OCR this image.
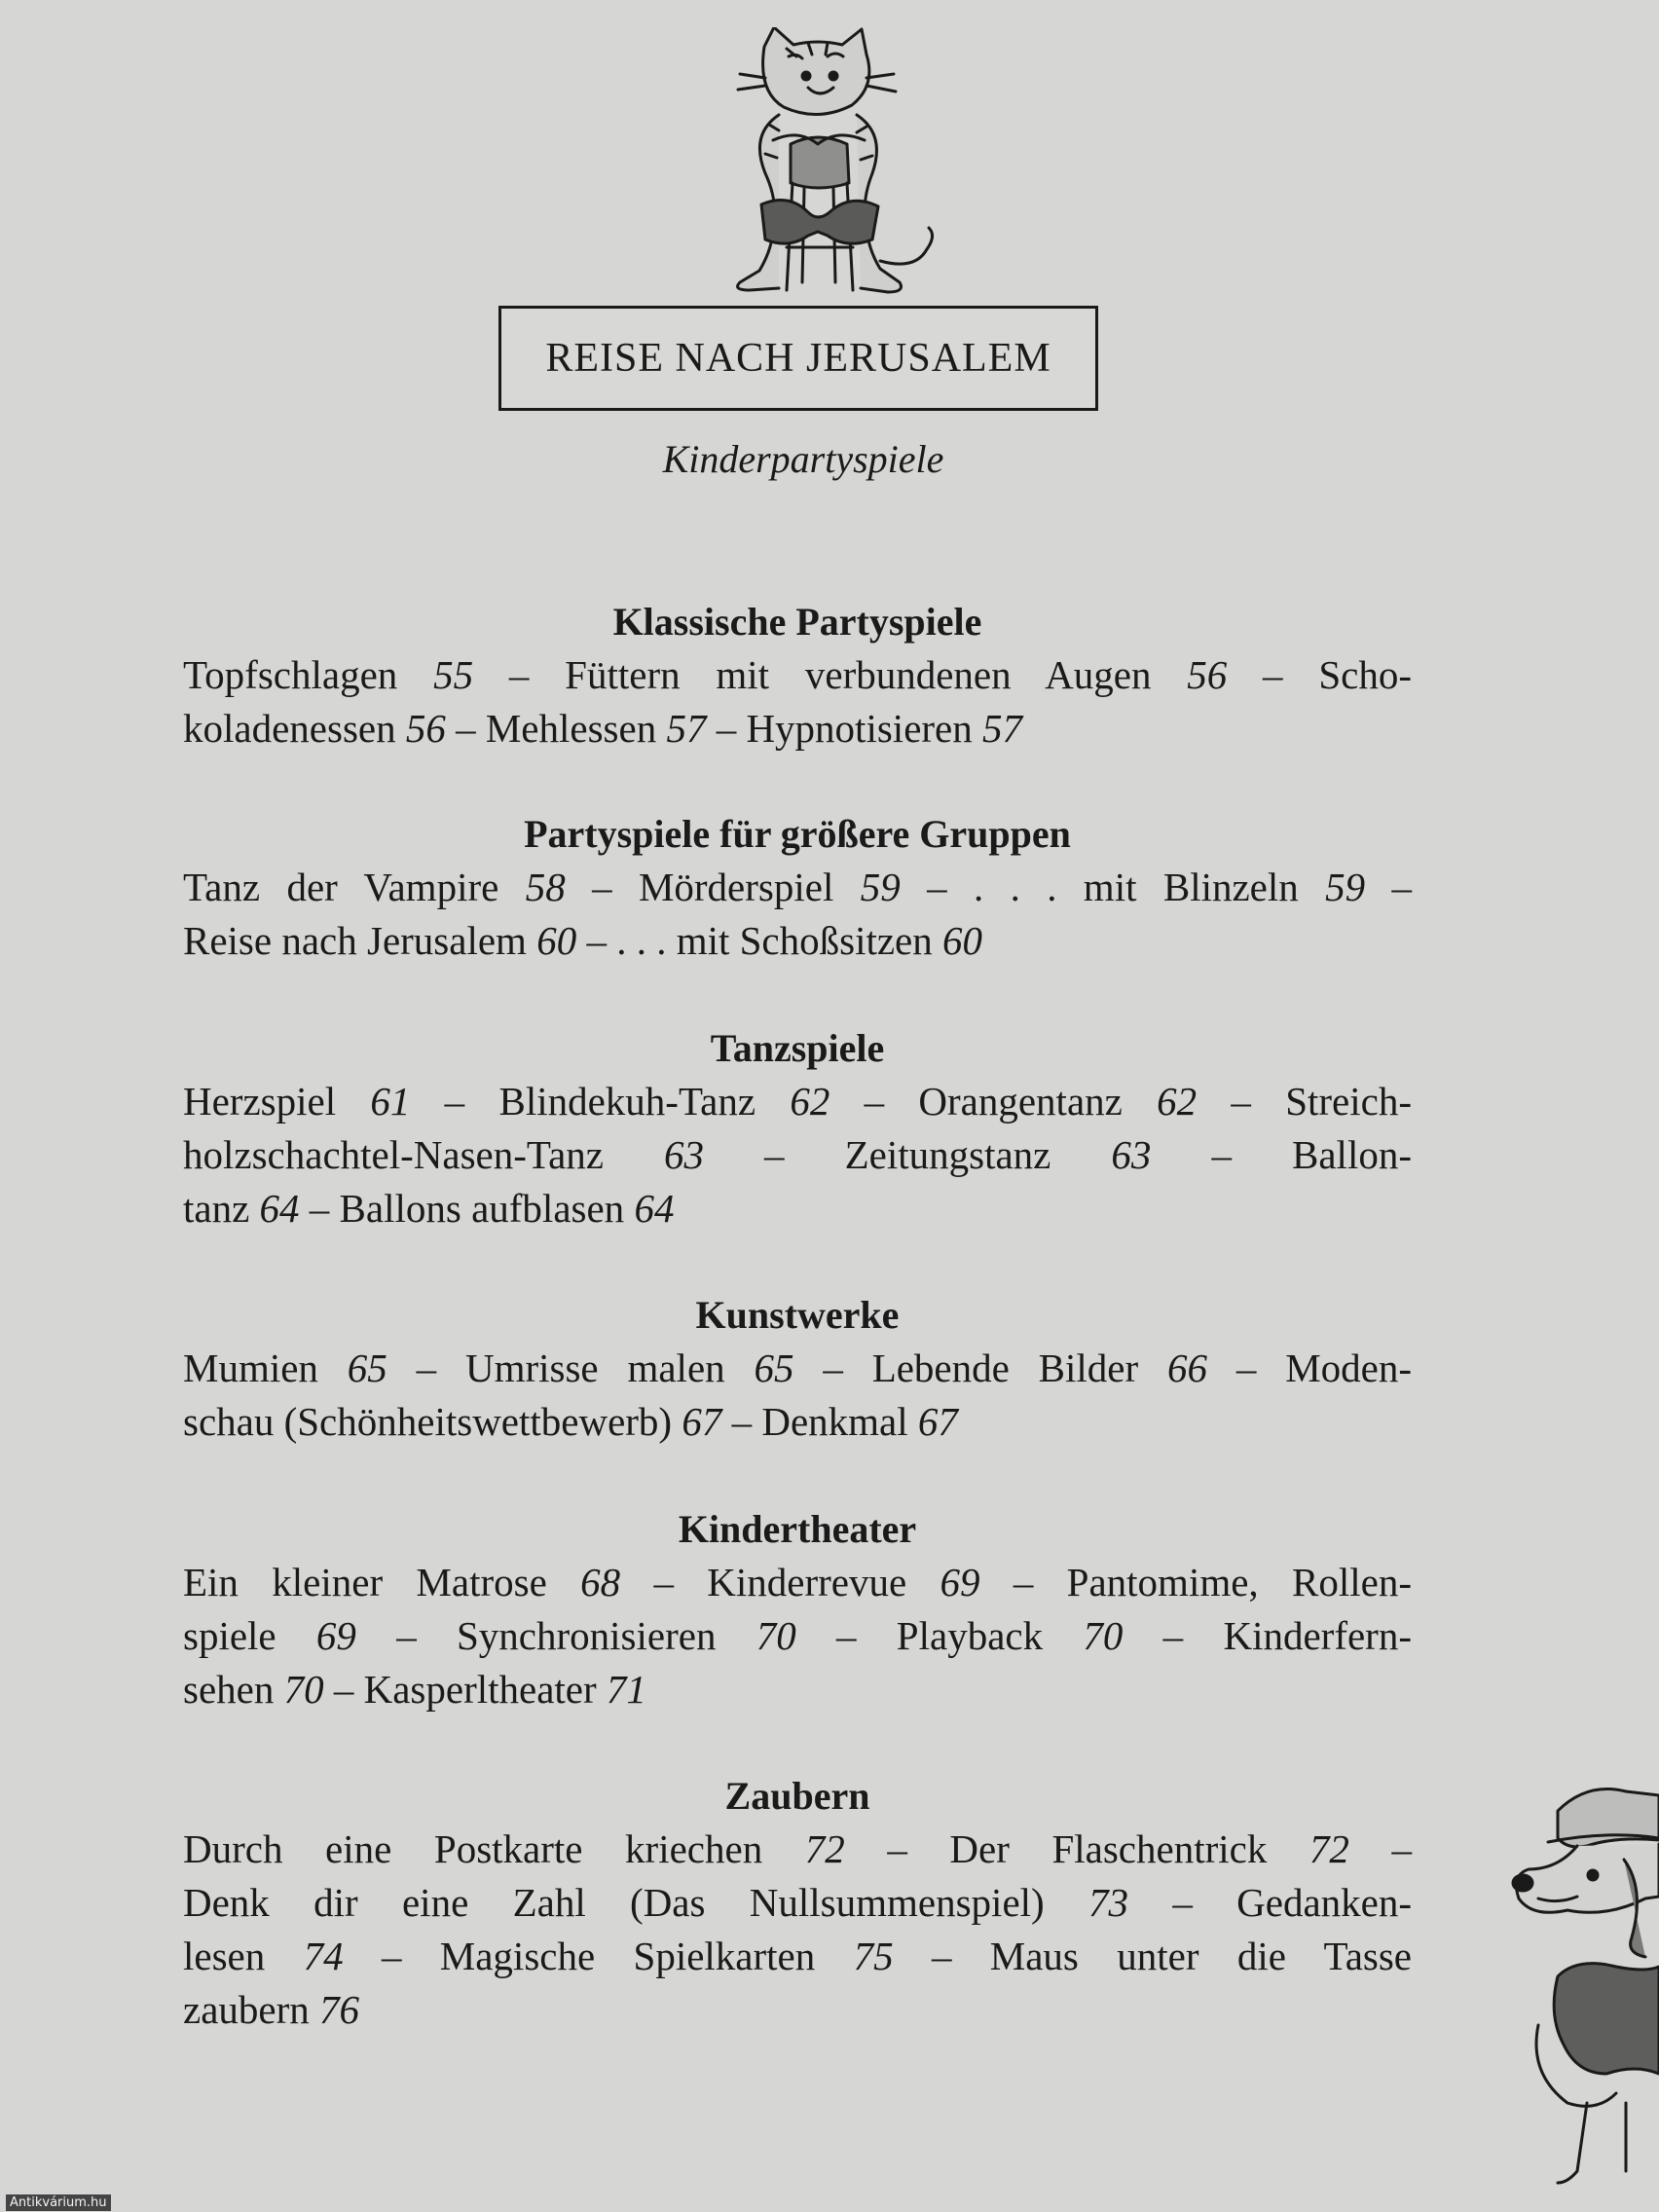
REISE NACH JERUSALEM
Kinderpartyspiele
Klassische Partyspiele

Topfschlagen 55 – Füttern mit verbundenen Augen 56 – Scho-
koladenessen 56 – Mehlessen 57 – Hypnotisieren 57

Partyspiele für größere Gruppen

Tanz der Vampire 58 – Mörderspiel 59 – . . . mit Blinzeln 59 –
Reise nach Jerusalem 60 – . . . mit Schoßsitzen 60

Tanzspiele

Herzspiel 61 – Blindekuh-Tanz 62 – Orangentanz 62 – Streich-
holzschachtel-Nasen-Tanz 63 – Zeitungstanz 63 – Ballon-
tanz 64 – Ballons aufblasen 64

Kunstwerke

Mumien 65 – Umrisse malen 65 – Lebende Bilder 66 – Moden-
schau (Schönheitswettbewerb) 67 – Denkmal 67

Kindertheater

Ein kleiner Matrose 68 – Kinderrevue 69 – Pantomime, Rollen-
spiele 69 – Synchronisieren 70 – Playback 70 – Kinderfern-
sehen 70 – Kasperltheater 71

Zaubern

Durch eine Postkarte kriechen 72 – Der Flaschentrick 72 –
Denk dir eine Zahl (Das Nullsummenspiel) 73 – Gedanken-
lesen 74 – Magische Spielkarten 75 – Maus unter die Tasse
zaubern 76

Antikvárium.hu
